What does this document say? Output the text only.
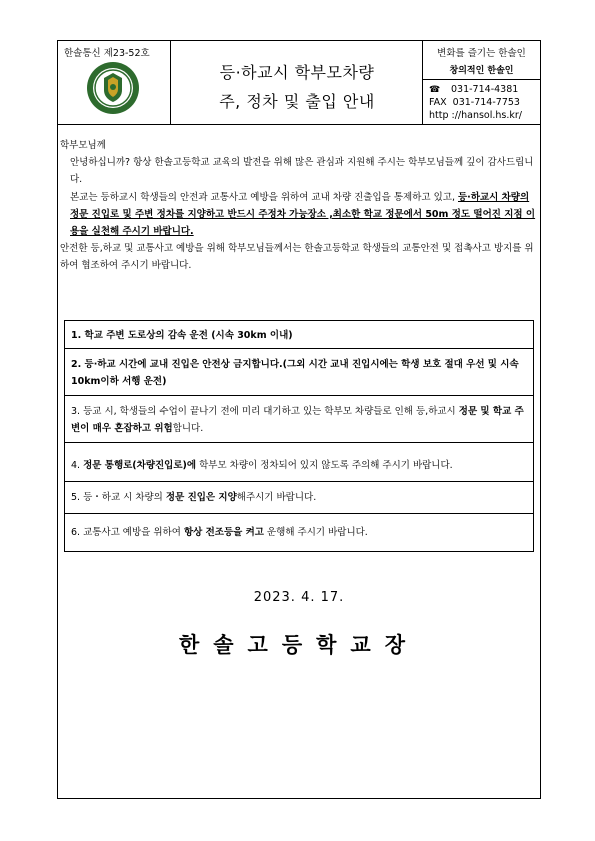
한솔통신 제23-52호
등·하교시 학부모차량
주, 정차 및 출입 안내
변화를 즐기는 한솔인
창의적인 한솔인
☎ 031-714-4381
FAX 031-714-7753
http ://hansol.hs.kr/

학부모님께

안녕하십니까? 항상 한솔고등학교 교육의 발전을 위해 많은 관심과 지원해 주시는 학부모님들께 깊이 감사드립니다.

본교는 등하교시 학생들의 안전과 교통사고 예방을 위하여 교내 차량 진출입을 통제하고 있고, 등·하교시 차량의 정문 진입로 및 주변 정차를 지양하고 반드시 주정차 가능장소 ,최소한 학교 정문에서 50m 정도 떨어진 지점 이용을 실천해 주시기 바랍니다.

안전한 등,하교 및 교통사고 예방을 위해 학부모님들께서는 한솔고등학교 학생들의 교통안전 및 접촉사고 방지를 위하여 협조하여 주시기 바랍니다.

1. 학교 주변 도로상의 감속 운전 (시속 30km 이내)
2. 등·하교 시간에 교내 진입은 안전상 금지합니다.(그외 시간 교내 진입시에는 학생 보호 절대 우선 및 시속 10km이하 서행 운전)
3. 등교 시, 학생들의 수업이 끝나기 전에 미리 대기하고 있는 학부모 차량들로 인해 등,하교시 정문 및 학교 주변이 매우 혼잡하고 위험합니다.
4. 정문 통행로(차량진입로)에 학부모 차량이 정차되어 있지 않도록 주의해 주시기 바랍니다.
5. 등・하교 시 차량의 정문 진입은 지양해주시기 바랍니다.
6. 교통사고 예방을 위하여 항상 전조등을 켜고 운행해 주시기 바랍니다.
2023. 4. 17.
한솔고등학교장
